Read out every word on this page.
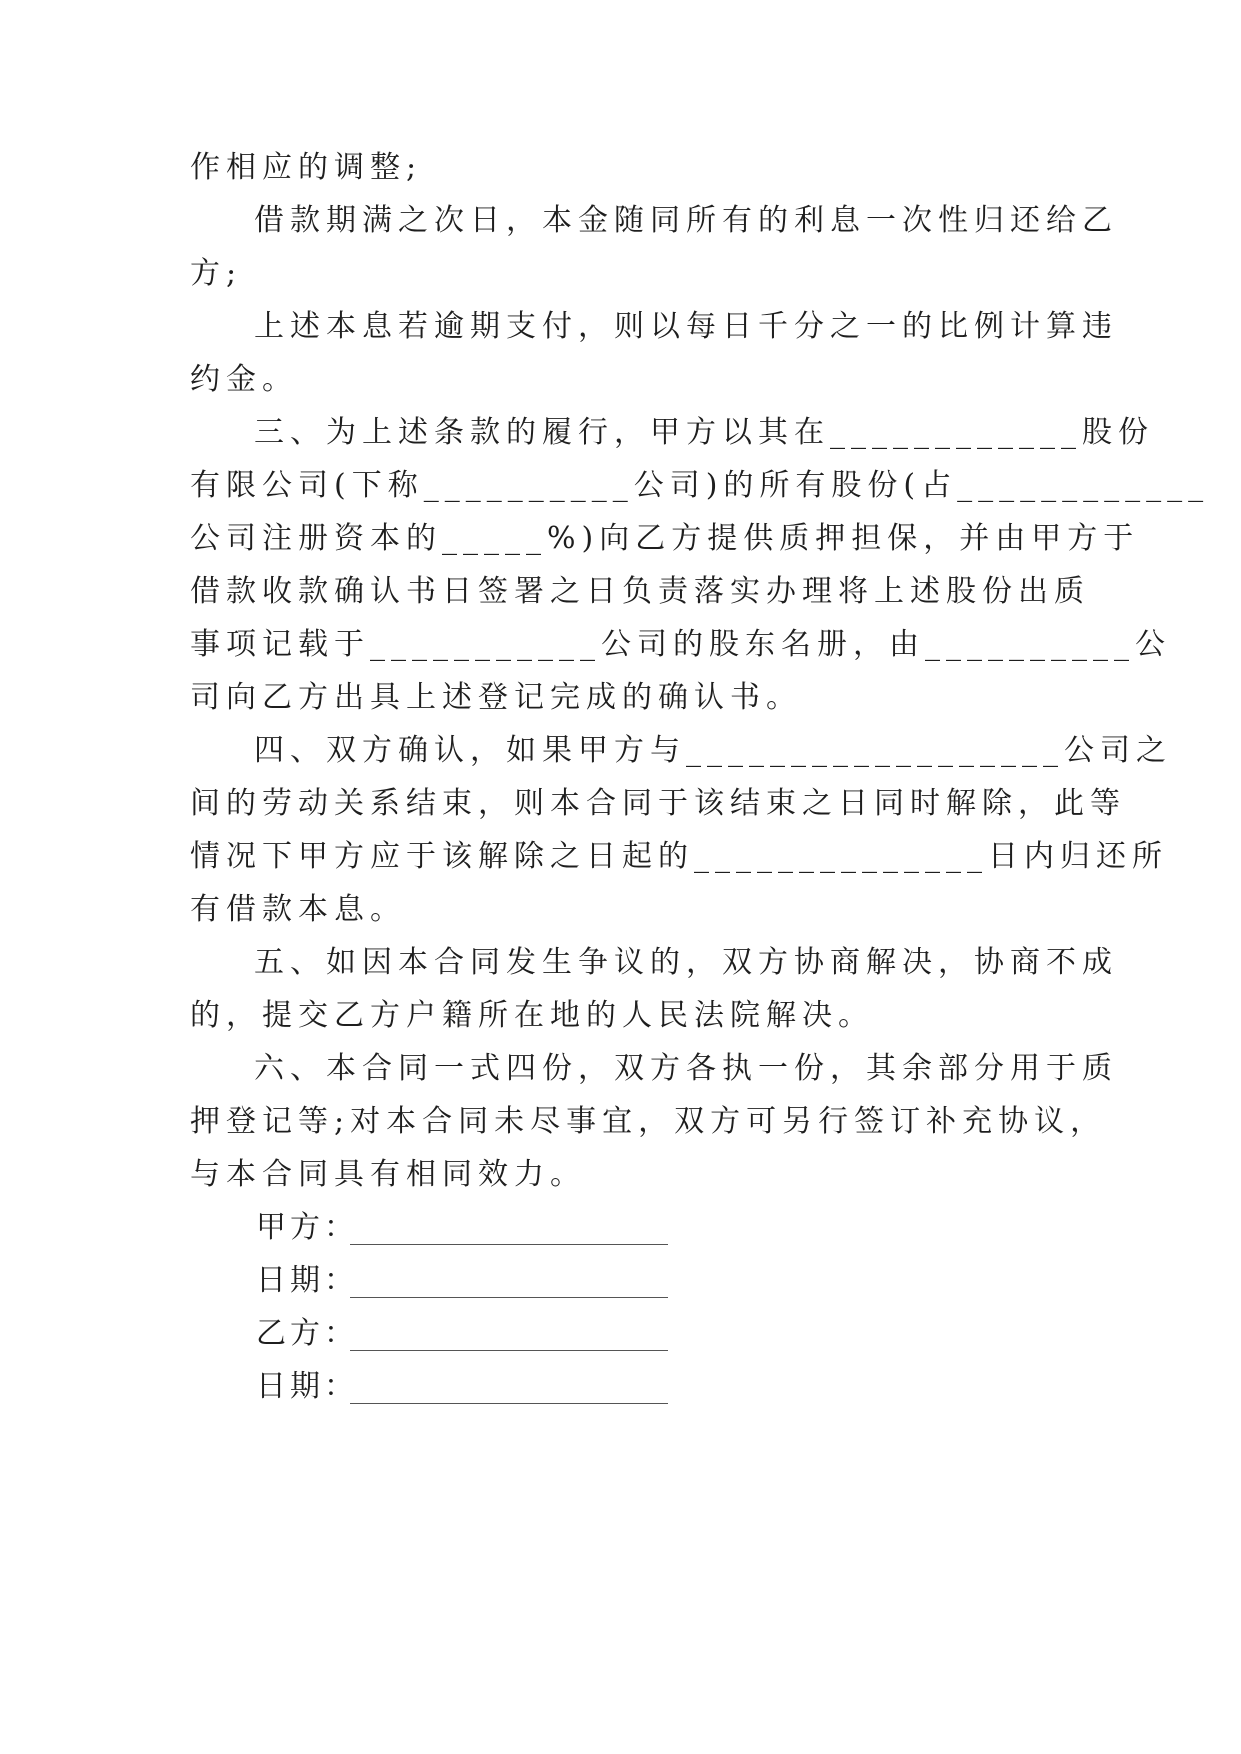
作相应的调整;
借款期满之次日，本金随同所有的利息一次性归还给乙
方;
上述本息若逾期支付，则以每日千分之一的比例计算违
约金。
三、为上述条款的履行，甲方以其在____________股份
有限公司(下称__________公司)的所有股份(占____________
公司注册资本的_____%)向乙方提供质押担保，并由甲方于
借款收款确认书日签署之日负责落实办理将上述股份出质
事项记载于___________公司的股东名册，由__________公
司向乙方出具上述登记完成的确认书。
四、双方确认，如果甲方与__________________公司之
间的劳动关系结束，则本合同于该结束之日同时解除，此等
情况下甲方应于该解除之日起的______________日内归还所
有借款本息。
五、如因本合同发生争议的，双方协商解决，协商不成
的，提交乙方户籍所在地的人民法院解决。
六、本合同一式四份，双方各执一份，其余部分用于质
押登记等;对本合同未尽事宜，双方可另行签订补充协议，
与本合同具有相同效力。
甲方：
日期：
乙方：
日期：
